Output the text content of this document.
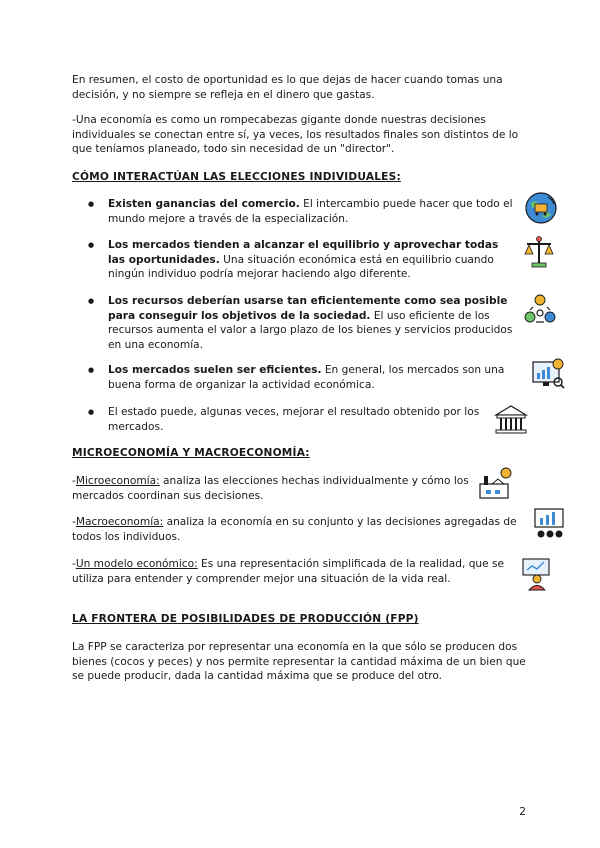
En resumen, el costo de oportunidad es lo que dejas de hacer cuando tomas una decisión, y no siempre se refleja en el dinero que gastas.

-Una economía es como un rompecabezas gigante donde nuestras decisiones individuales se conectan entre sí, ya veces, los resultados finales son distintos de lo que teníamos planeado, todo sin necesidad de un "director".

CÓMO INTERACTÚAN LAS ELECCIONES INDIVIDUALES:
Existen ganancias del comercio. El intercambio puede hacer que todo el mundo mejore a través de la especialización.
Los mercados tienden a alcanzar el equilibrio y aprovechar todas las oportunidades. Una situación económica está en equilibrio cuando ningún individuo podría mejorar haciendo algo diferente.
Los recursos deberían usarse tan eficientemente como sea posible para conseguir los objetivos de la sociedad. El uso eficiente de los recursos aumenta el valor a largo plazo de los bienes y servicios producidos en una economía.
Los mercados suelen ser eficientes. En general, los mercados son una buena forma de organizar la actividad económica.
El estado puede, algunas veces, mejorar el resultado obtenido por los mercados.
MICROECONOMÍA Y MACROECONOMÍA:

-Microeconomía: analiza las elecciones hechas individualmente y cómo los mercados coordinan sus decisiones.

-Macroeconomía: analiza la economía en su conjunto y las decisiones agregadas de todos los individuos.

-Un modelo económico: Es una representación simplificada de la realidad, que se utiliza para entender y comprender mejor una situación de la vida real.

LA FRONTERA DE POSIBILIDADES DE PRODUCCIÓN (FPP)

La FPP se caracteriza por representar una economía en la que sólo se producen dos bienes (cocos y peces) y nos permite representar la cantidad máxima de un bien que se puede producir, dada la cantidad máxima que se produce del otro.

2
